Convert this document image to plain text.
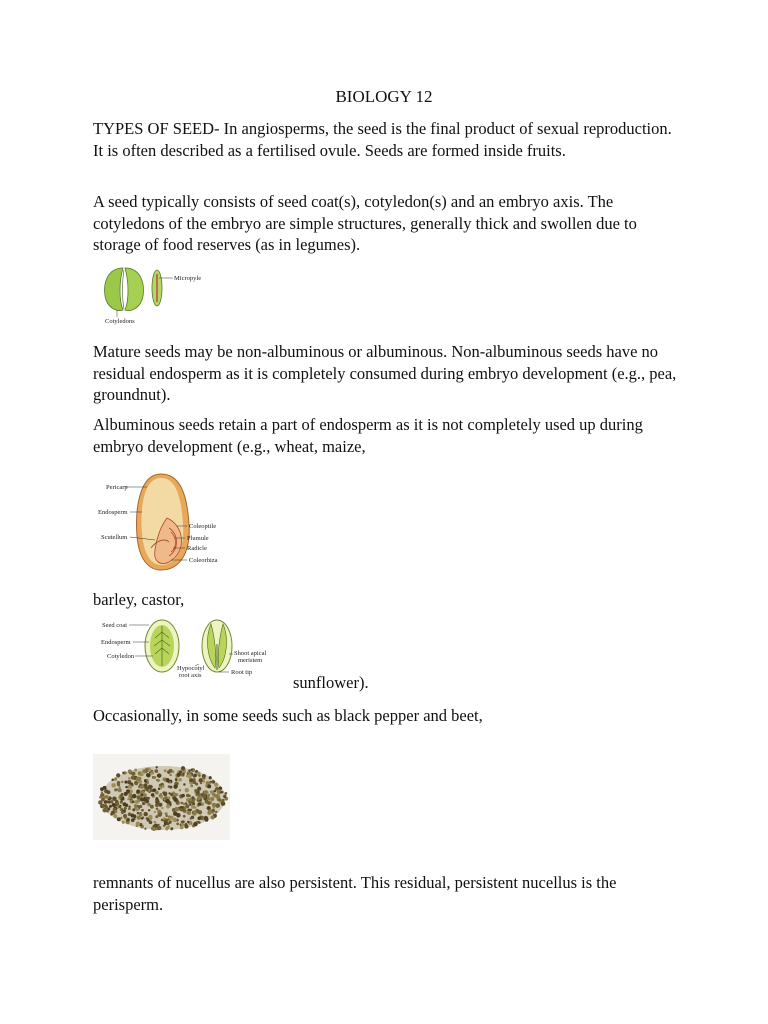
BIOLOGY 12

TYPES OF SEED- In angiosperms, the seed is the final product of sexual reproduction. It is often described as a fertilised ovule. Seeds are formed inside fruits.

A seed typically consists of seed coat(s), cotyledon(s) and an embryo axis. The cotyledons of the embryo are simple structures, generally thick and swollen due to storage of food reserves (as in legumes).

Micropyle
Cotyledons

Mature seeds may be non-albuminous or albuminous. Non-albuminous seeds have no residual endosperm as it is completely consumed during embryo development (e.g., pea, groundnut).

Albuminous seeds retain a part of endosperm as it is not completely used up during embryo development (e.g., wheat, maize,

Pericarp
Endosperm
Scutellum
Coleoptile
Plumule
Radicle
Coleorhiza

barley, castor,

Seed coat
Endosperm
Cotyledon
Hypocotyl
root axis
Shoot apical
meristem
Root tip
sunflower).

Occasionally, in some seeds such as black pepper and beet,

remnants of nucellus are also persistent. This residual, persistent nucellus is the perisperm.
